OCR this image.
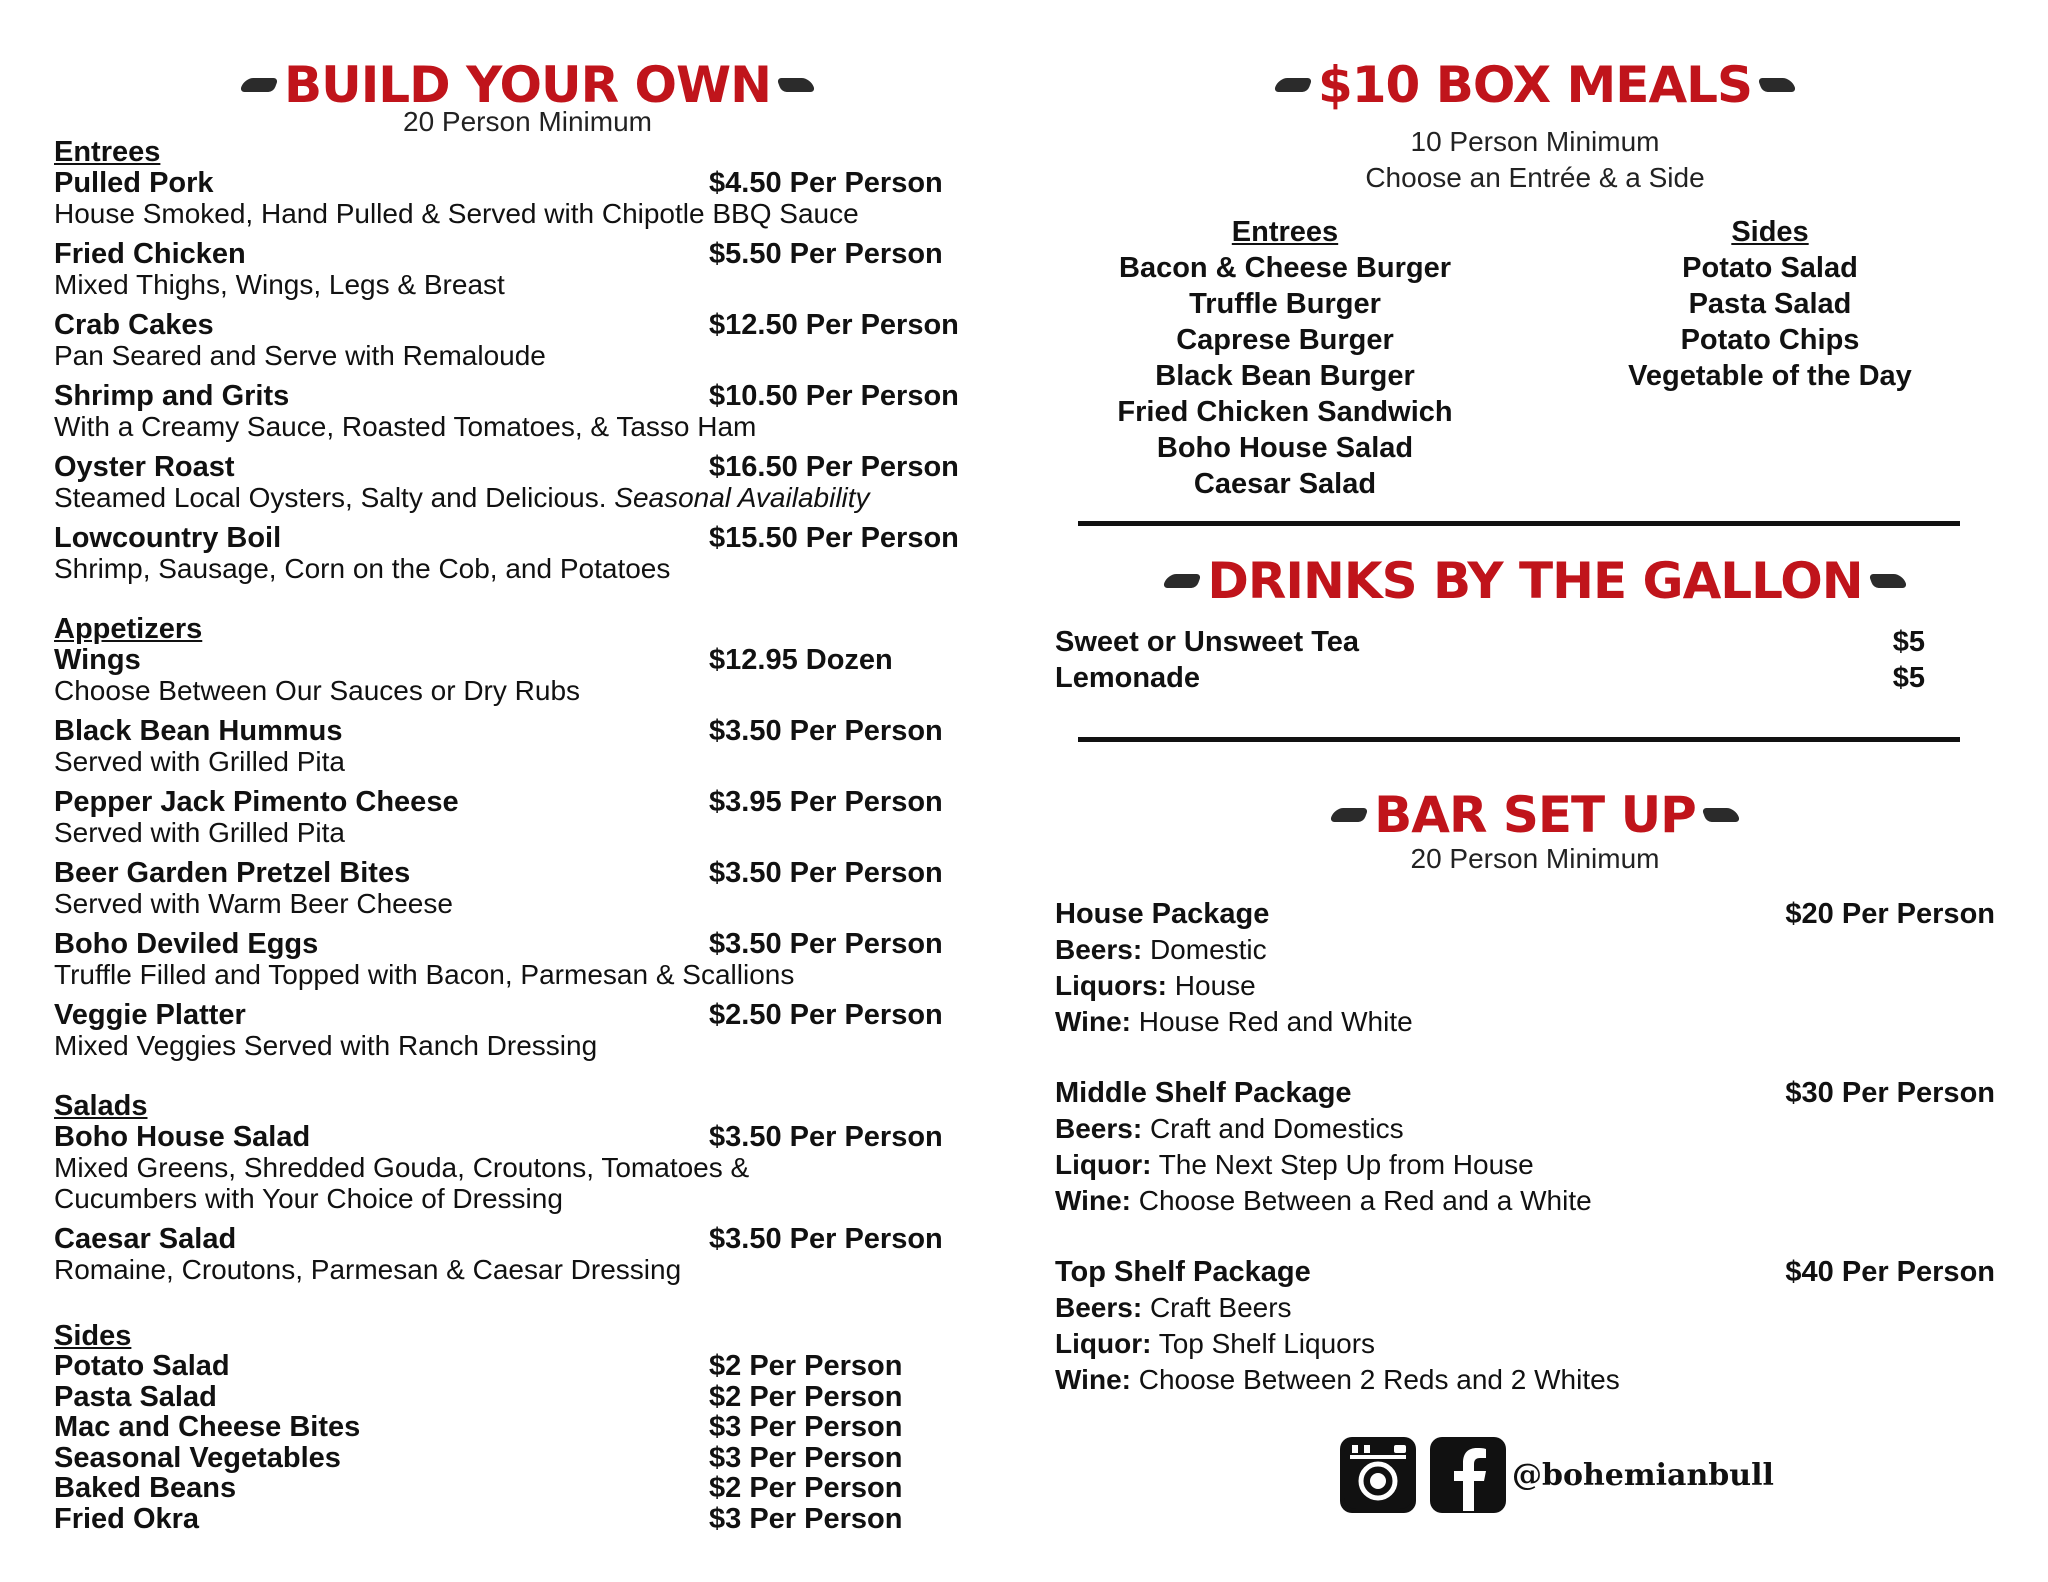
BUILD YOUR OWN
20 Person Minimum
Entrees
Pulled Pork	$4.50 Per Person
House Smoked, Hand Pulled & Served with Chipotle BBQ Sauce
Fried Chicken	$5.50 Per Person
Mixed Thighs, Wings, Legs & Breast
Crab Cakes	$12.50 Per Person
Pan Seared and Serve with Remaloude
Shrimp and Grits	$10.50 Per Person
With a Creamy Sauce, Roasted Tomatoes, & Tasso Ham
Oyster Roast	$16.50 Per Person
Steamed Local Oysters, Salty and Delicious. Seasonal Availability
Lowcountry Boil	$15.50 Per Person
Shrimp, Sausage, Corn on the Cob, and Potatoes
Appetizers
Wings	$12.95 Dozen
Choose Between Our Sauces or Dry Rubs
Black Bean Hummus	$3.50 Per Person
Served with Grilled Pita
Pepper Jack Pimento Cheese	$3.95 Per Person
Served with Grilled Pita
Beer Garden Pretzel Bites	$3.50 Per Person
Served with Warm Beer Cheese
Boho Deviled Eggs	$3.50 Per Person
Truffle Filled and Topped with Bacon, Parmesan & Scallions
Veggie Platter	$2.50 Per Person
Mixed Veggies Served with Ranch Dressing
Salads
Boho House Salad	$3.50 Per Person
Mixed Greens, Shredded Gouda, Croutons, Tomatoes &
Cucumbers with Your Choice of Dressing
Caesar Salad	$3.50 Per Person
Romaine, Croutons, Parmesan & Caesar Dressing
Sides
Potato Salad	$2 Per Person
Pasta Salad	$2 Per Person
Mac and Cheese Bites	$3 Per Person
Seasonal Vegetables	$3 Per Person
Baked Beans	$2 Per Person
Fried Okra	$3 Per Person
$10 BOX MEALS
10 Person Minimum
Choose an Entrée & a Side
Entrees
Bacon & Cheese Burger
Truffle Burger
Caprese Burger
Black Bean Burger
Fried Chicken Sandwich
Boho House Salad
Caesar Salad
Sides
Potato Salad
Pasta Salad
Potato Chips
Vegetable of the Day
DRINKS BY THE GALLON
Sweet or Unsweet Tea	$5
Lemonade	$5
BAR SET UP
20 Person Minimum
House Package	$20 Per Person
Beers: Domestic
Liquors: House
Wine: House Red and White
Middle Shelf Package	$30 Per Person
Beers: Craft and Domestics
Liquor: The Next Step Up from House
Wine: Choose Between a Red and a White
Top Shelf Package	$40 Per Person
Beers: Craft Beers
Liquor: Top Shelf Liquors
Wine: Choose Between 2 Reds and 2 Whites
@bohemianbull
